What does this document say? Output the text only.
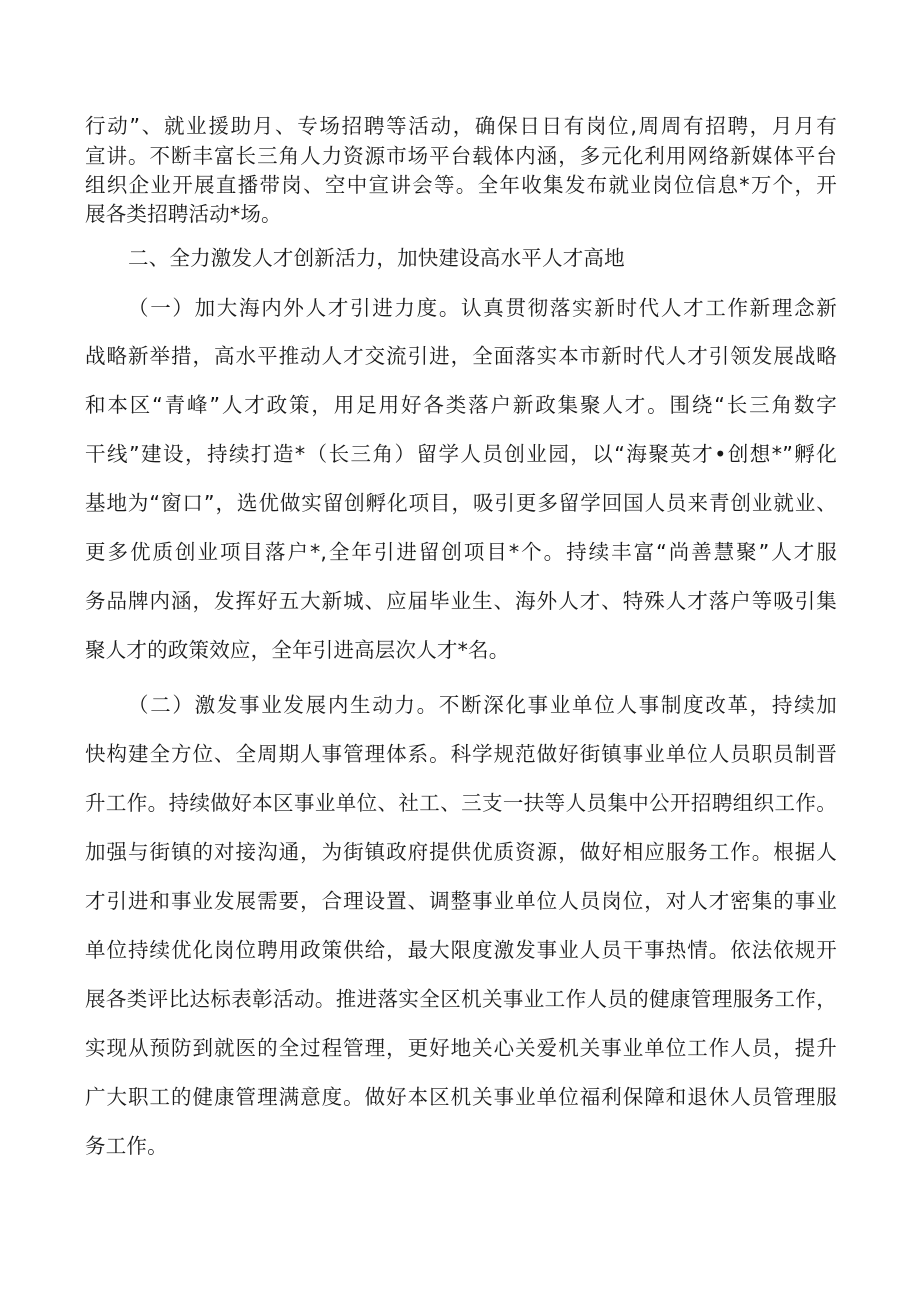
行动”、就业援助月、专场招聘等活动，确保日日有岗位,周周有招聘，月月有
宣讲。不断丰富长三角人力资源市场平台载体内涵，多元化利用网络新媒体平台
组织企业开展直播带岗、空中宣讲会等。全年收集发布就业岗位信息*万个，开
展各类招聘活动*场。
二、全力激发人才创新活力，加快建设高水平人才高地
（一）加大海内外人才引进力度。认真贯彻落实新时代人才工作新理念新
战略新举措，高水平推动人才交流引进，全面落实本市新时代人才引领发展战略
和本区“青峰”人才政策，用足用好各类落户新政集聚人才。围绕“长三角数字
干线”建设，持续打造*（长三角）留学人员创业园，以“海聚英才•创想*”孵化
基地为“窗口”，选优做实留创孵化项目，吸引更多留学回国人员来青创业就业、
更多优质创业项目落户*,全年引进留创项目*个。持续丰富“尚善慧聚”人才服
务品牌内涵，发挥好五大新城、应届毕业生、海外人才、特殊人才落户等吸引集
聚人才的政策效应，全年引进高层次人才*名。
（二）激发事业发展内生动力。不断深化事业单位人事制度改革，持续加
快构建全方位、全周期人事管理体系。科学规范做好街镇事业单位人员职员制晋
升工作。持续做好本区事业单位、社工、三支一扶等人员集中公开招聘组织工作。
加强与街镇的对接沟通，为街镇政府提供优质资源，做好相应服务工作。根据人
才引进和事业发展需要，合理设置、调整事业单位人员岗位，对人才密集的事业
单位持续优化岗位聘用政策供给，最大限度激发事业人员干事热情。依法依规开
展各类评比达标表彰活动。推进落实全区机关事业工作人员的健康管理服务工作，
实现从预防到就医的全过程管理，更好地关心关爱机关事业单位工作人员，提升
广大职工的健康管理满意度。做好本区机关事业单位福利保障和退休人员管理服
务工作。
